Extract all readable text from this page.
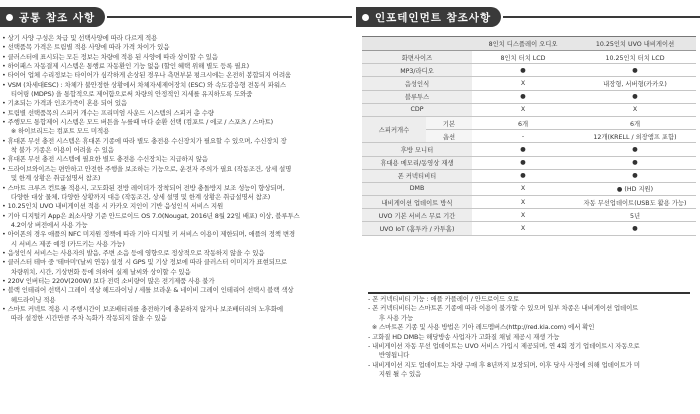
공통 참조 사항
• 상기 사양 구성은 차급 및 선택사양에 따라 다르게 적용
• 선택품목 가격은 트림별 적용 사양에 따라 가격 차이가 있음
• 클러스터에 표시되는 모든 정보는 차량에 적용 된 사양에 따라 상이할 수 있음
• 하이패스 자동결제 시스템은 통행료 자동환인 기능 없음 (할인 혜택 위해 별도 등록 필요)
• 타이어 업체 수리정보는 타이어가 심각하게 손상된 경우나 측면부분 펑크시에는 온전히 봉합되지 어려움
• VSM (차세대ESC) : 차체가 불안정한 상황에서 차체자세제어장치 (ESC) 와 속도감응형 전동식 파워스
티어링 (MDPS) 을 통합적으로 제어함으로써 차량의 안정적인 지세를 유지하도록 도와줌
• 기초되는 가격과 인조가죽이 혼용 되어 있음
• 트림별 선택품목의 스피커 개수는 프리미엄 사운드 시스템의 스피커 총 수량
• 주행모드 통합제어 시스템은 모드 버튼을 누를때 마다 순환 선택 (컴포트 / 에코 / 스포츠 / 스마트)
※ 하이브리드는 컴포트 모드 미적용
• 휴대폰 무선 충전 시스템은 휴대폰 기종에 따라 별도 충전용 수신장치가 필요할 수 있으며, 수신장치 장
착 불가 기종은 이용이 어려울 수 있음
• 휴대폰 무선 충전 시스템에 필요한 별도 충전용 수신장치는 지급하지 않음
• 드라이브와이즈는 편안하고 안전한 주행을 보조하는 기능으로, 운전자 주의가 필요 (작동조건, 상세 설명
및 한계 상황은 취급설명서 참조)
• 스마트 크루즈 컨트롤 적용시, 고도화된 전방 레이더가 장착되어 전방 충돌방지 보조 성능이 향상되며,
다양한 대상 물체, 다양한 상황까지 대응 (작동조건, 상세 설명 및 한계 상황은 취급설명서 참조)
• 10.25인치 UVO 내비게이션 적용 시 카카오 지인이 기반 음성인식 서비스 지원
• 기아 디지털키 App은 최소사양 기준 안드로이드 OS 7.0(Nougat, 2016년 8월 22일 배포) 이상, 블루투스
4.2이상 버전에서 사용 가능
• 아이폰의 경우 애플의 NFC 미지원 정책에 따라 기아 디지털 키 서비스 이용이 제한되며, 애플의 정책 변경
시 서비스 제공 예정 (카드키는 사용 가능)
• 음성인식 서비스는 사용자의 발음, 주변 소음 등에 영향으로 정상적으로 작동하지 않을 수 있음
• 클러스터 테마 중 '테마미'(날씨 연동) 설정 시 GPS 및 기상 정보에 따라 클러스터 이미지가 표현되므로
차량위치, 시간, 기상변화 등에 의하여 실제 날씨와 상이할 수 있음
• 220V 인버터는 220V(200W) 보다 전력 소비량이 많은 전기제품 사용 불가
• 블랙 인테리어 선택시 그레이 색상 헤드라이닝 / 세틀 브라운 & 네이비 그레이 인테리어 선택시 블랙 색상
헤드라이닝 적용
• 스마트 커넥트 적용 시 주행시간이 보조배터리를 충전하기에 충분하지 않거나 보조배터리의 노후화에
따라 설정한 시간만큼 주차 녹화가 작동되지 않을 수 있음
인포테인먼트 참조사항
		8인치 디스플레이 오디오	10.25인치 UVO 내비게이션
화면사이즈		8인치 터치 LCD	10.25인치 터치 LCD
MP3/라디오		●	●
음성인식		X	내장형, 서버형(카카오)
블루투스		●	●
CDP		X	X
스피커개수	기본	6개	6개
	옵션	-	12개(KRELL / 외장앰프 포함)
후방 모니터		●	●
휴대용 메모리/동영상 재생		●	●
폰 커넥티비티		●	●
DMB		X	● (HD 지원)
내비게이션 업데이트 방식		X	자동 무선업데이트(USB도 활용 가능)
UVO 기본 서비스 무료 기간		X	5년
UVO IoT (홈투카 / 카투홈)		X	●
- 폰 커넥티비티 기능 : 애플 카플레이 / 안드로이드 오토
- 폰 커넥티비티는 스마트폰 기종에 따라 이용이 불가할 수 있으며 일부 차종은 내비게이션 업데이트
후 사용 가능
※ 스마트폰 기종 및 사용 방법은 기아 레드멤버스(http://red.kia.com) 에서 확인
- 고화질 HD DMB는 해당방송 사업자가 고화질 채널 제공시 재생 가능
- 내비게이션 자동 무선 업데이트는 UVO 서비스 가입시 제공되며, 연 4회 정기 업데이트시 자동으로
반영됩니다
- 내비게이션 지도 업데이트는 차량 구매 후 8년까지 보장되며, 이후 당사 사정에 의해 업데이트가 미
지원 될 수 있음
